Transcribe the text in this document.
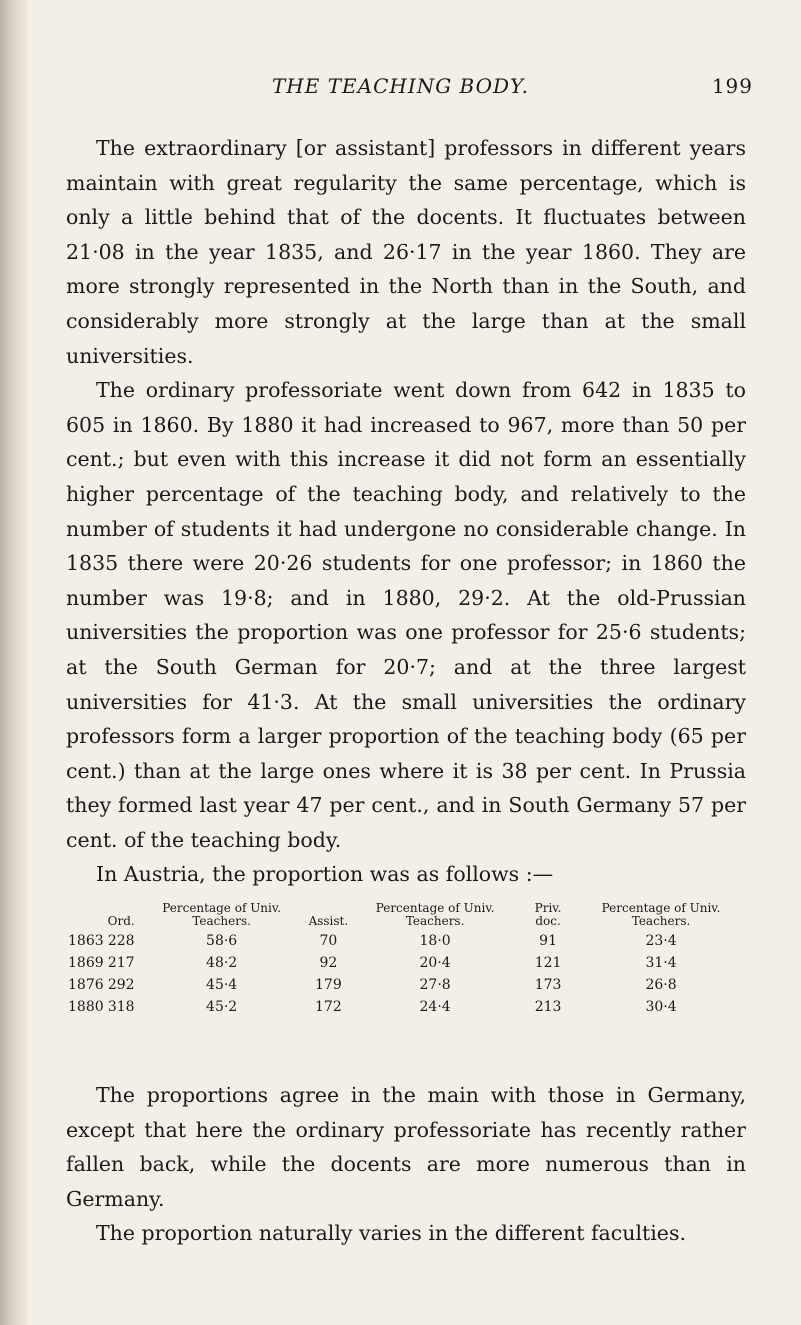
THE TEACHING BODY.	199

The extraordinary [or assistant] professors in different years maintain with great regularity the same percentage, which is only a little behind that of the docents. It fluctuates between 21·08 in the year 1835, and 26·17 in the year 1860. They are more strongly represented in the North than in the South, and considerably more strongly at the large than at the small universities.

The ordinary professoriate went down from 642 in 1835 to 605 in 1860. By 1880 it had increased to 967, more than 50 per cent.; but even with this increase it did not form an essentially higher percentage of the teaching body, and relatively to the number of students it had undergone no considerable change. In 1835 there were 20·26 students for one professor; in 1860 the number was 19·8; and in 1880, 29·2. At the old-Prussian universities the proportion was one professor for 25·6 students; at the South German for 20·7; and at the three largest universities for 41·3. At the small universities the ordinary professors form a larger proportion of the teaching body (65 per cent.) than at the large ones where it is 38 per cent. In Prussia they formed last year 47 per cent., and in South Germany 57 per cent. of the teaching body.

In Austria, the proportion was as follows :—

	Ord.	Percentage of Univ. Teachers.	Assist.	Percentage of Univ. Teachers.	Priv. doc.	Percentage of Univ. Teachers.
1863	228	58·6	70	18·0	91	23·4
1869	217	48·2	92	20·4	121	31·4
1876	292	45·4	179	27·8	173	26·8
1880	318	45·2	172	24·4	213	30·4

The proportions agree in the main with those in Germany, except that here the ordinary professoriate has recently rather fallen back, while the docents are more numerous than in Germany.

The proportion naturally varies in the different faculties.
